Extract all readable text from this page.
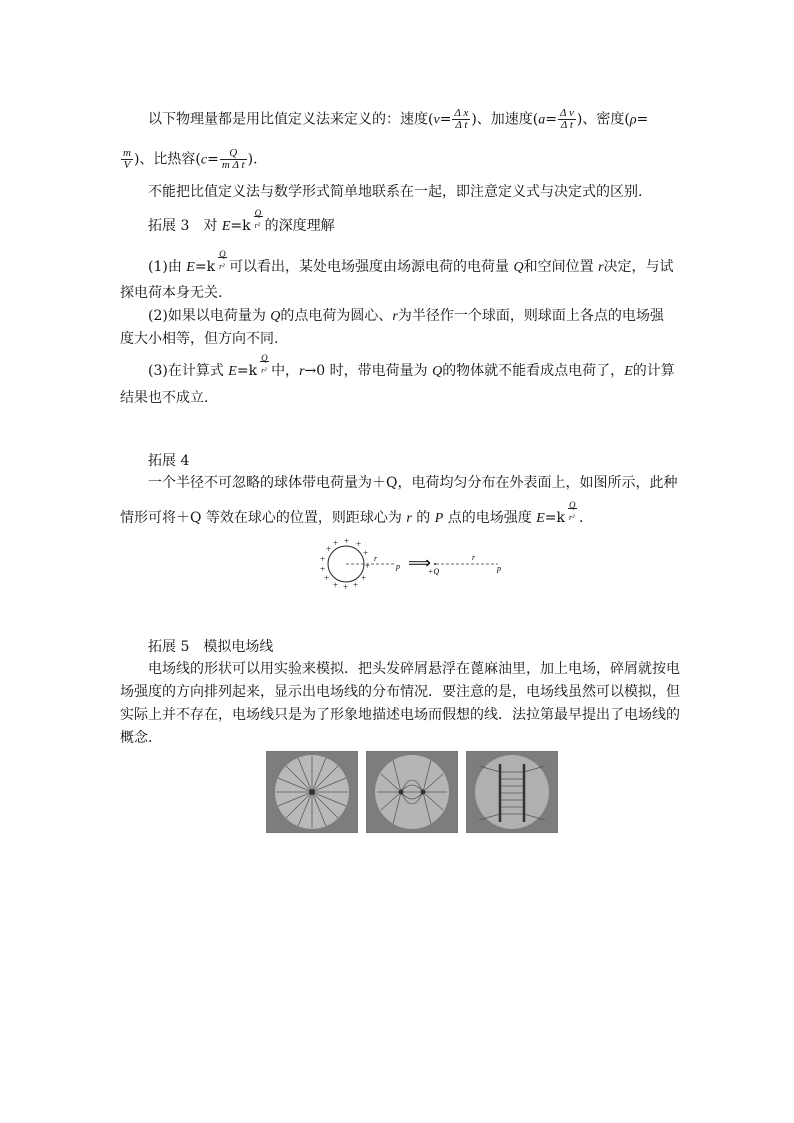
以下物理量都是用比值定义法来定义的：速度($v= \frac{\text{Δ x}}{\text{Δ t}}$ )、加速度($a= \frac{\text{Δ v}}{\text{Δ t}}$ )、密度(ρ=
$\frac{m}{V}$ )、比热容($c= \frac{Q}{\text{m Δ t}}$ ).
不能把比值定义法与数学形式简单地联系在一起，即注意定义式与决定式的区别.
拓展 3　对 E=k
Q
r² 的深度理解
(1)由 E=k
Q
r² 可以看出，某处电场强度由场源电荷的电荷量 Q和空间位置 r决定，与试
探电荷本身无关.
(2)如果以电荷量为 Q的点电荷为圆心、r为半径作一个球面，则球面上各点的电场强
度大小相等，但方向不同.
(3)在计算式 E=k
Q
r² 中，r→0 时，带电荷量为 Q的物体就不能看成点电荷了，E的计算
结果也不成立.
拓展 4
一个半径不可忽略的球体带电荷量为＋Q，电荷均匀分布在外表面上，如图所示，此种
情形可将＋Q 等效在球心的位置，则距球心为 r 的 P 点的电场强度 E=k
Q
r² .
+
+
+
+
+ + +
+
+
+
+
+
+
r
p ⟹
+Q
r
p
拓展 5　模拟电场线
电场线的形状可以用实验来模拟．把头发碎屑悬浮在蓖麻油里，加上电场，碎屑就按电
场强度的方向排列起来，显示出电场线的分布情况．要注意的是，电场线虽然可以模拟，但
实际上并不存在，电场线只是为了形象地描述电场而假想的线．法拉第最早提出了电场线的
概念.
